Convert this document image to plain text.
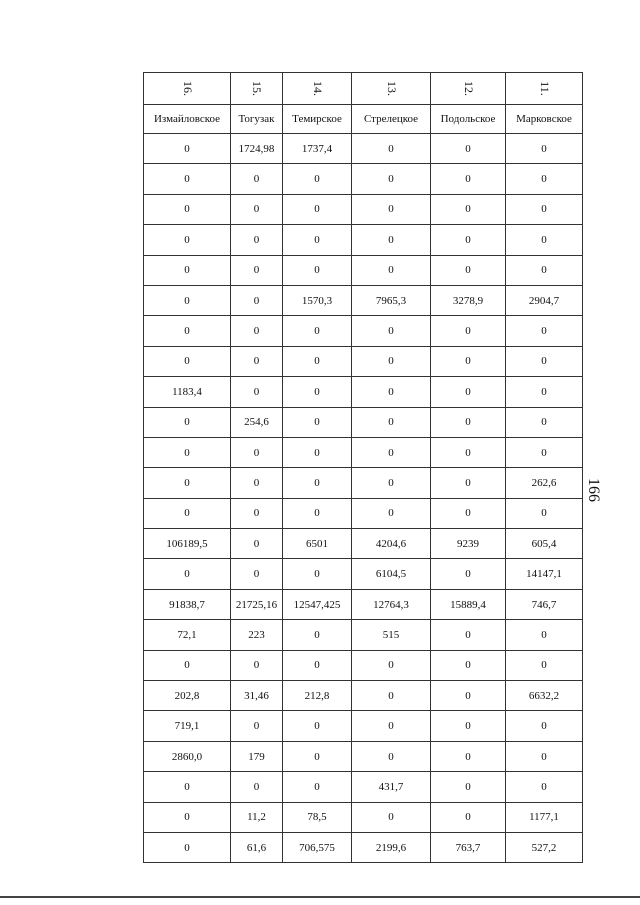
16.	15.	14.	13.	12.	11.
Измайловское	Тогузак	Темирское	Стрелецкое	Подольское	Марковское
0	1724,98	1737,4	0	0	0
0	0	0	0	0	0
0	0	0	0	0	0
0	0	0	0	0	0
0	0	0	0	0	0
0	0	1570,3	7965,3	3278,9	2904,7
0	0	0	0	0	0
0	0	0	0	0	0
1183,4	0	0	0	0	0
0	254,6	0	0	0	0
0	0	0	0	0	0
0	0	0	0	0	262,6
0	0	0	0	0	0
106189,5	0	6501	4204,6	9239	605,4
0	0	0	6104,5	0	14147,1
91838,7	21725,16	12547,425	12764,3	15889,4	746,7
72,1	223	0	515	0	0
0	0	0	0	0	0
202,8	31,46	212,8	0	0	6632,2
719,1	0	0	0	0	0
2860,0	179	0	0	0	0
0	0	0	431,7	0	0
0	11,2	78,5	0	0	1177,1
0	61,6	706,575	2199,6	763,7	527,2
166
